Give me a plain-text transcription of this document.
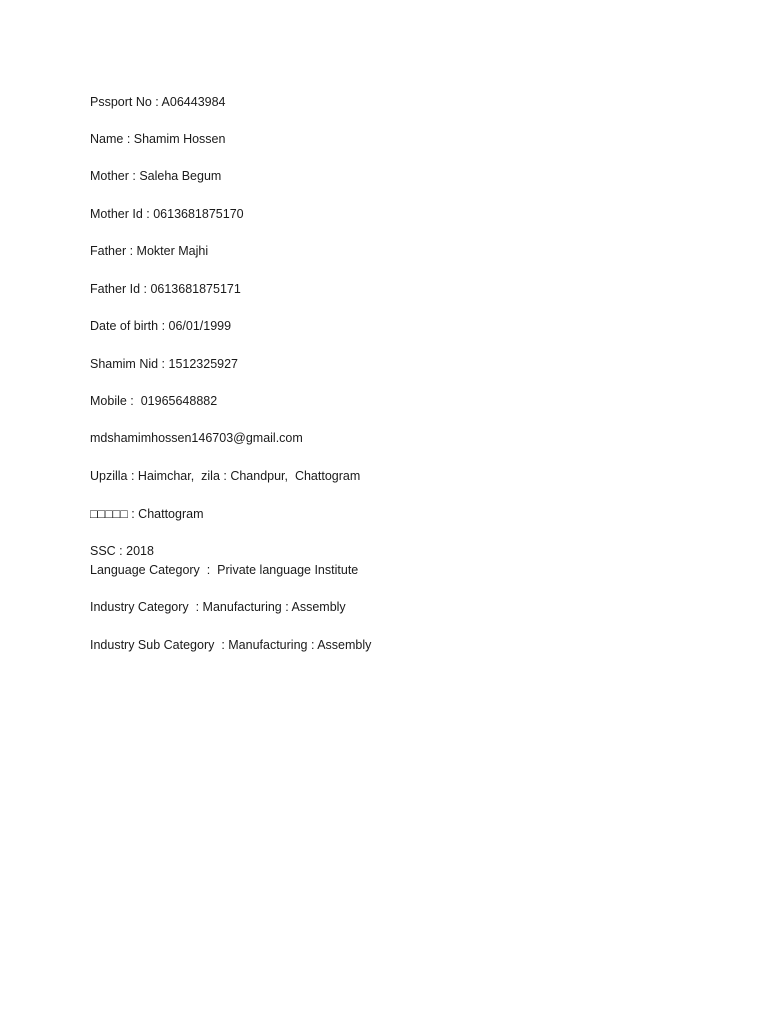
Pssport No : A06443984

Name : Shamim Hossen

Mother : Saleha Begum

Mother Id : 0613681875170

Father : Mokter Majhi

Father Id : 0613681875171

Date of birth : 06/01/1999

Shamim Nid : 1512325927

Mobile :  01965648882

mdshamimhossen146703@gmail.com

Upzilla : Haimchar,  zila : Chandpur,  Chattogram

□□□□□ : Chattogram

SSC : 2018

Language Category  :  Private language Institute

Industry Category  : Manufacturing : Assembly

Industry Sub Category  : Manufacturing : Assembly
